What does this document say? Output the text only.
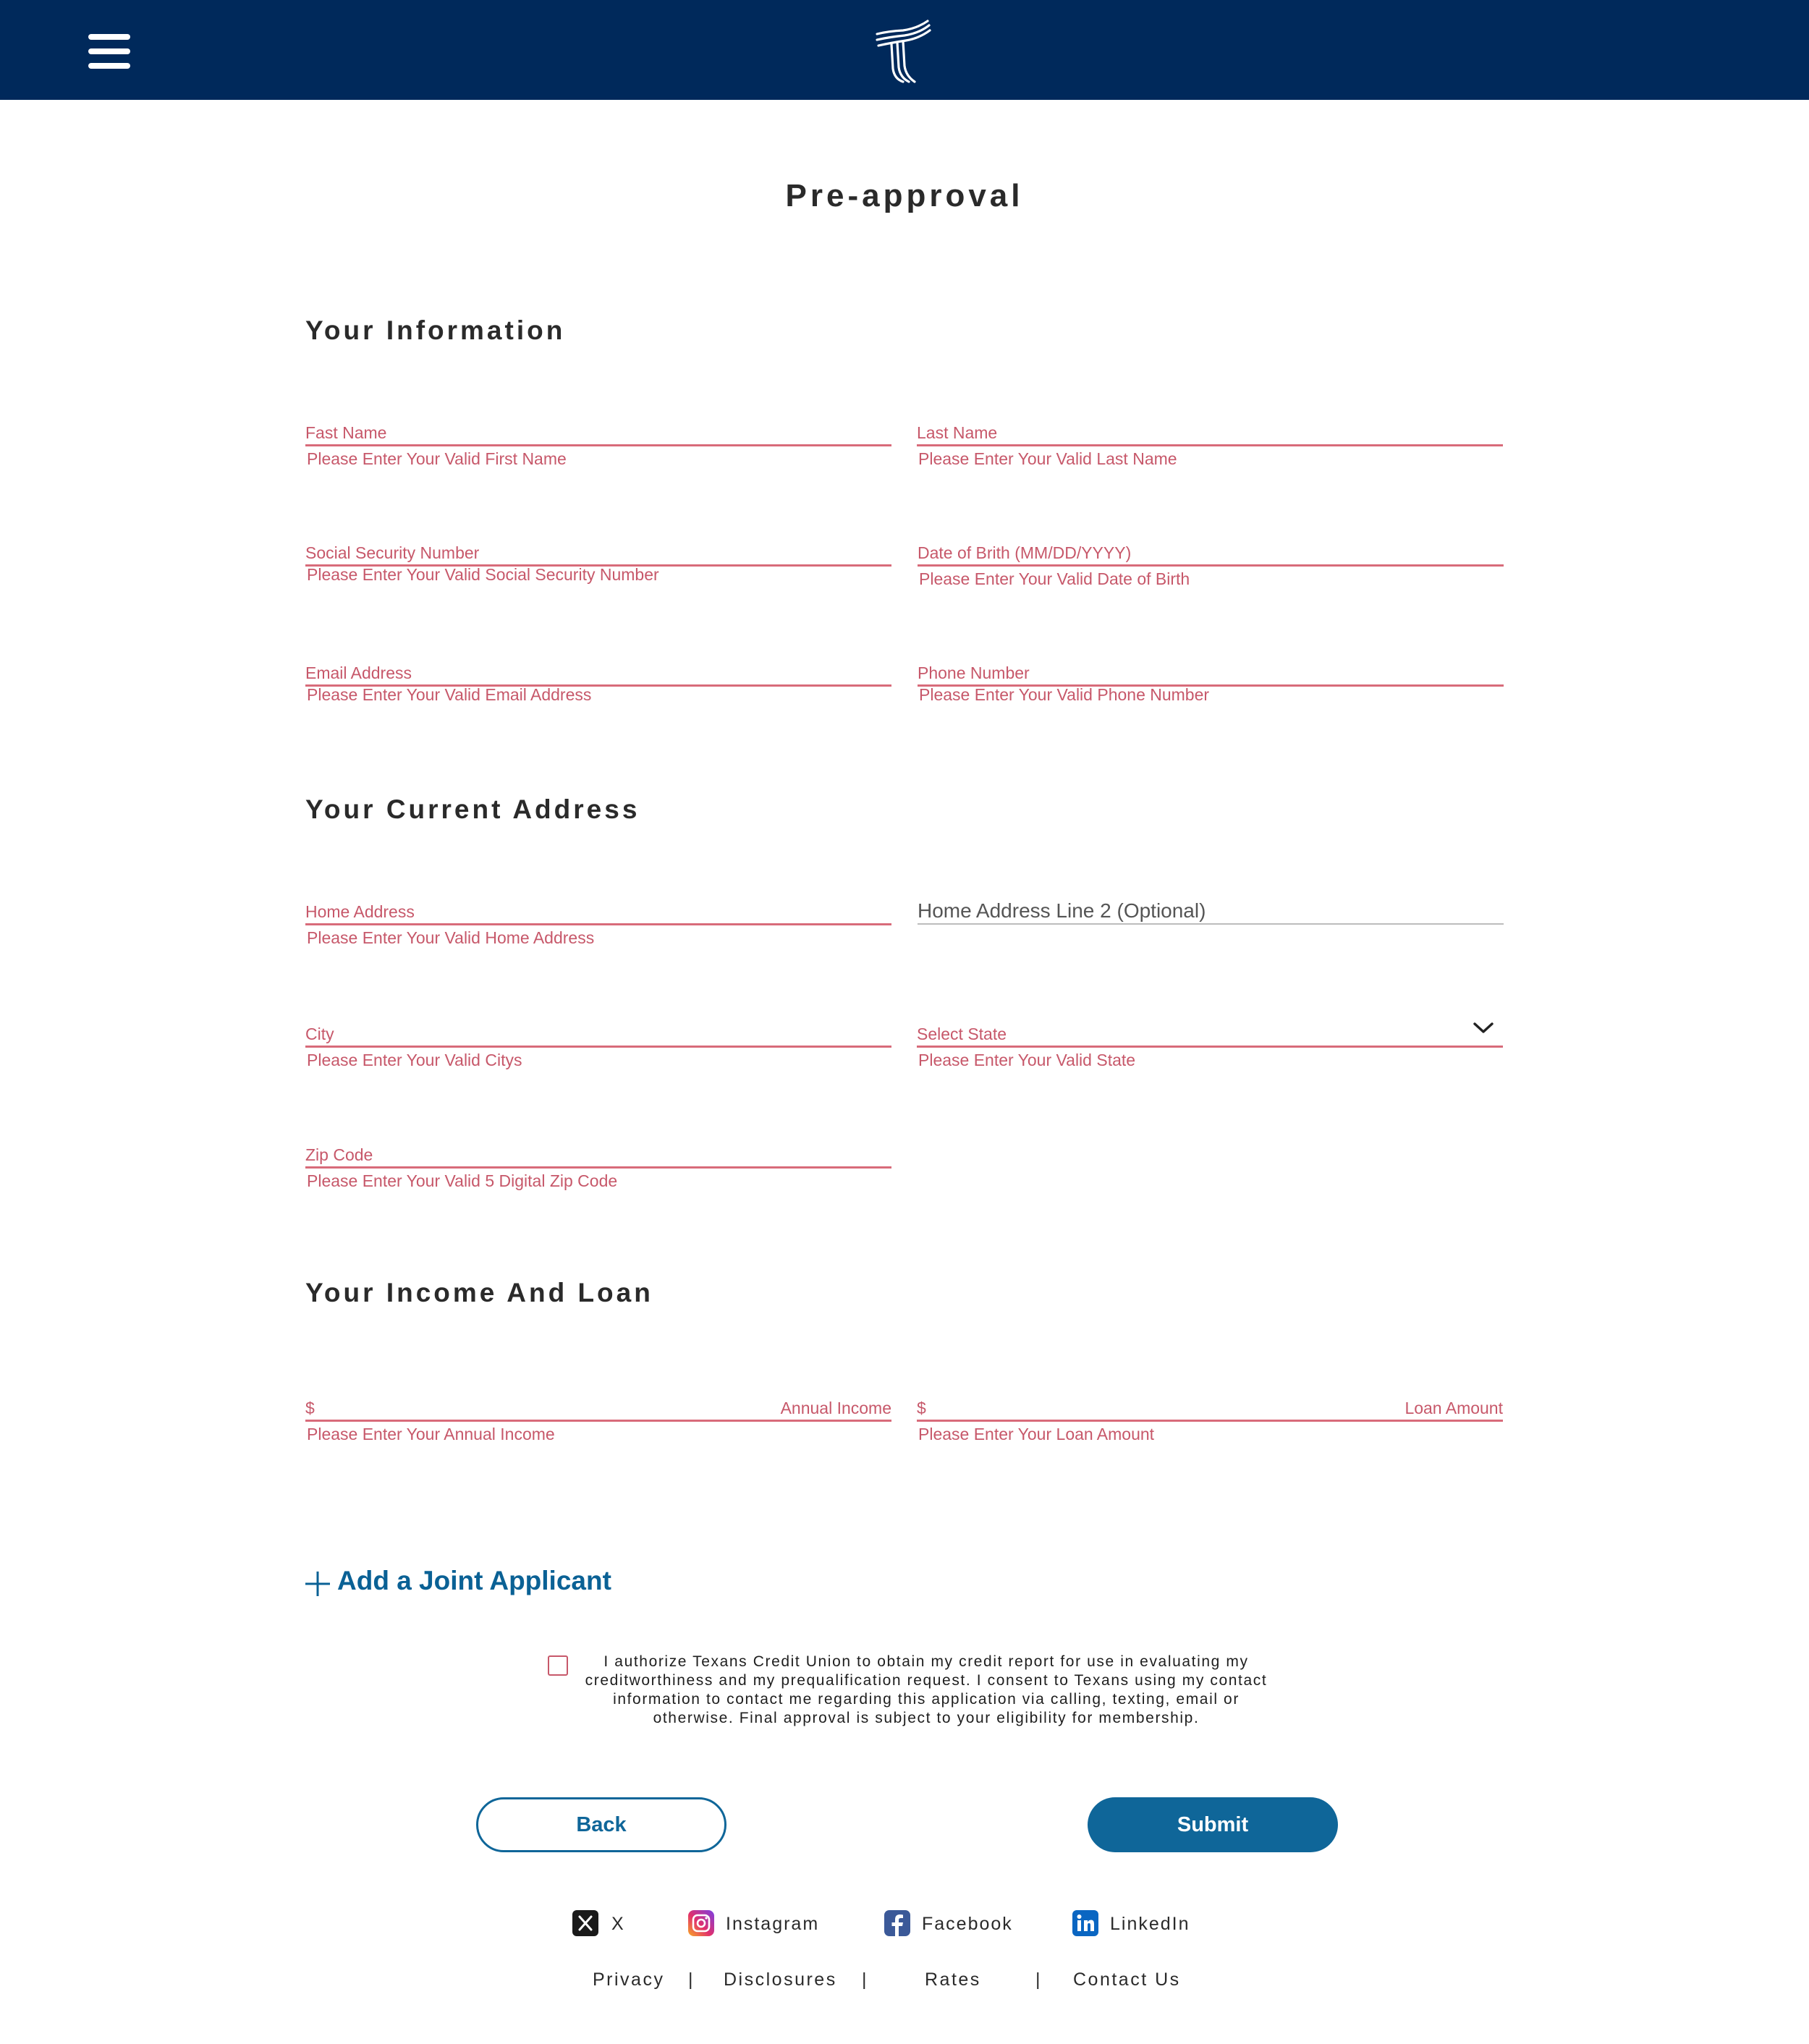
Pre-approval
Your Information
Fast Name
Please Enter Your Valid First Name
Last Name
Please Enter Your Valid Last Name
Social Security Number
Please Enter Your Valid Social Security Number
Date of Brith (MM/DD/YYYY)
Please Enter Your Valid Date of Birth
Email Address
Please Enter Your Valid Email Address
Phone Number
Please Enter Your Valid Phone Number
Your Current Address
Home Address
Please Enter Your Valid Home Address
Home Address Line 2 (Optional)
City
Please Enter Your Valid Citys
Select State
Please Enter Your Valid State
Zip Code
Please Enter Your Valid 5 Digital Zip Code
Your Income And Loan
$	Annual Income
Please Enter Your Annual Income
$	Loan Amount
Please Enter Your Loan Amount
Add a Joint Applicant
I authorize Texans Credit Union to obtain my credit report for use in evaluating my creditworthiness and my prequalification request. I consent to Texans using my contact information to contact me regarding this application via calling, texting, email or otherwise. Final approval is subject to your eligibility for membership.
Back	Submit
X	Instagram	Facebook	LinkedIn
Privacy | Disclosures |	Rates	| Contact Us
